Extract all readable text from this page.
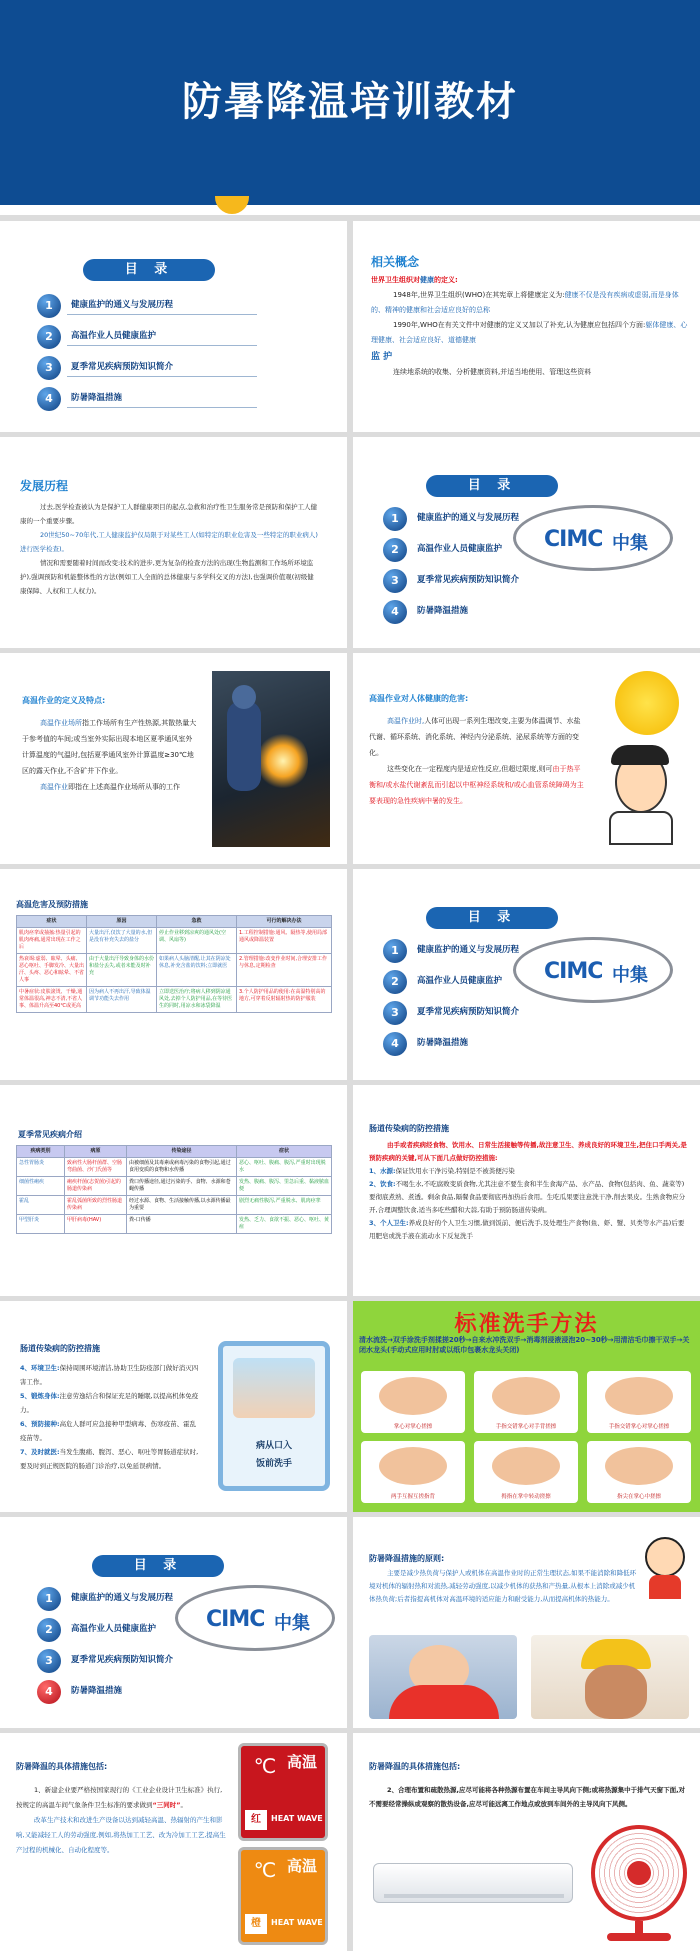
防暑降温培训教材
目 录
1	健康监护的通义与发展历程
2	高温作业人员健康监护
3	夏季常见疾病预防知识简介
4	防暑降温措施
相关概念
世界卫生组织对健康的定义:
1948年,世界卫生组织(WHO)在其宪章上将健康定义为:健康不仅是没有疾病或虚弱,而是身体的、精神的健康和社会适应良好的总称
1990年,WHO在有关文件中对健康的定义又加以了补充,认为健康应包括四个方面:躯体健康、心理健康、社会适应良好、道德健康
监 护
连续地系统的收集、分析健康资料,并适当地使用、管理这些资料
发展历程
过去,医学检查被认为是保护工人群健康项目的起点,急救和治疗性卫生服务常是预防和保护工人健康的一个重要步骤。
20世纪50~70年代,工人健康监护仅局限于对某些工人(如特定的职业危害及一些特定的职业病人)进行医学检查)。
情况和需要随着时间而改变:技术的进步,更为复杂的检查方法的出现(生物监测和工作场所环境监护),强调预防和机能整体性的方法(例如工人全面的总体健康与多学科交叉的方法),也强调价值观(初级健康保障、人权和工人权力)。
目 录
CIMC 中集
1	健康监护的通义与发展历程
2	高温作业人员健康监护
3	夏季常见疾病预防知识简介
4	防暑降温措施
高温作业的定义及特点:
高温作业场所指工作场所有生产性热源,其散热量大于参考值的车间;或当室外实际出现本地区夏季通风室外计算温度的气温时,包括夏季通风室外计算温度≥30℃地区的露天作业,不含矿井下作业。
高温作业即指在上述高温作业场所从事的工作
高温作业对人体健康的危害:
高温作业时,人体可出现一系列生理改变,主要为体温调节、水盐代谢、循环系统、消化系统、神经内分泌系统、泌尿系统等方面的变化。
这些变化在一定程度内是适应性反应,但超过限度,则可由于热平衡和/或水盐代谢紊乱而引起以中枢神经系统和/或心血管系统障碍为主要表现的急性疾病中暑的发生。
高温危害及预防措施
症状	原因	急救	可行的解决办法
肌肉痉挛或抽搐:热量引起的肌肉疼痛,通常出现在工作之后	大量出汗,仅饮了大量的水,但是没有补充失去的盐分	停止作业移到凉爽的通风处(空调、风扇等)	1.工程控制措施:通风、隔热等,使用局部通风或降温装置
热衰竭:虚弱、眩晕、头痛、恶心呕吐、手脚发冷、大量出汗、头疼、恶心和眩晕、不省人事	由于大量出汗导致身体的水份和盐分丢失,或者未能及时补充	如果病人头脑清醒,让其在阴凉处休息,补充含盐的饮料;立即就医	2.管理措施:改变作业时间,合理安排工作与休息,定期检查
中暑症状:皮肤滚烫、干燥,通常体温很高,神志不清,不省人事、体温升高至40℃或更高	因为病人不再出汗,导致体温调节功能失去作用	立即送医治疗;将病人移到阴凉通风处,去掉个人防护用品,在等待医生的同时,用凉水和冰袋降温	3.个人防护用品的使用:在高温特别高的地方,可穿着反射辐射热的防护服装
目 录
CIMC 中集
1	健康监护的通义与发展历程
2	高温作业人员健康监护
3	夏季常见疾病预防知识简介
4	防暑降温措施
夏季常见疾病介绍
疾病类别	病原	传染途径	症状
急性胃肠炎	致病性大肠杆菌群、空肠弯曲菌、沙门氏菌等	由被细菌及其毒素或病毒污染的食物引起,通过食用变质的食物和水传播	恶心、呕吐、腹痛、腹泻,严重时出现脱水
细菌性痢疾	痢疾杆菌(志贺菌)引起的肠道传染病	粪口传播途径,通过污染的手、食物、水源和苍蝇传播	发热、腹痛、腹泻、里急后重、黏液脓血便
霍乱	霍乱弧菌所致的烈性肠道传染病	经过水源、食物、生活接触传播,以水源传播最为重要	剧烈无痛性腹泻,严重脱水、肌肉痉挛
甲型肝炎	甲肝病毒(HAV)	粪-口传播	发热、乏力、食欲不振、恶心、呕吐、黄疸
肠道传染病的防控措施
由手或者疾病经食物、饮用水、日常生活接触等传播,故注意卫生、养成良好的环境卫生,把住口手两关,是预防疾病的关键,可从下面几点做好防控措施:
1、水源:保证饮用水干净污染,特别是不被粪便污染
2、饮食:不喝生水,不吃腐败变质食物,尤其注意不要生食和半生食海产品、水产品、食物(包括肉、鱼、蔬菜等)要彻底煮熟、煮透。剩余食品,隔餐食品要彻底再加热后食用。生吃瓜果要注意洗干净,削去果皮。生熟食物应分开,合理调整饮食,适当多吃些醋和大蒜,有助于预防肠道传染病。
3、个人卫生:养成良好的个人卫生习惯,做到饭前、便后洗手,及处理生产食物(鱼、虾、蟹、贝类等水产品)后要用肥皂或洗手液在流动水下反复洗手
肠道传染病的防控措施
4、环境卫生:保持周围环境清洁,协助卫生防疫部门做好消灭四害工作。
5、锻炼身体:注意劳逸结合和保证充足的睡眠,以提高机体免疫力。
6、预防接种:高危人群可应急接种甲型病毒、伤寒疫苗、霍乱疫苗等。
7、及时就医:当发生腹痛、腹泻、恶心、呕吐等胃肠道症状时,要及时到正规医院的肠道门诊治疗,以免延误病情。
病从口入
饭前洗手
标准洗手方法
清水流洗→双手涂洗手剂揉搓20秒→自来水冲洗双手→消毒剂浸液浸泡20~30秒→用清洁毛巾擦干双手→关闭水龙头(手动式应用时肘或以纸巾包裹水龙头关闭)
掌心对掌心搓擦	手指交错掌心对手背搓擦	手指交错掌心对掌心搓擦
两手互握互搓指背	拇指在掌中转动搓擦	指尖在掌心中搓擦
目 录
CIMC 中集
1	健康监护的通义与发展历程
2	高温作业人员健康监护
3	夏季常见疾病预防知识简介
4	防暑降温措施
防暑降温措施的原则:
主要是减少热负荷与保护人或机体在高温作业时的正常生理状态,如果不能消除和降低环境对机体的辐射热和对流热,减轻劳动强度,以减少机体的获热和产热量,从根本上消除或减少机体热负荷;后者指提高机体对高温环境的适应能力和耐受能力,从而提高机体的热能力。
防暑降温的具体措施包括:
1、新建企业要严格按国家现行的《工业企业设计卫生标准》执行,按规定的高温车间气象条件卫生标准的要求做到“三同时”。
改革生产技术和改进生产设备以达到减轻高温、热辐射的产生和影响,又能减轻工人的劳动强度,例如,将热加工工艺、改为冷加工工艺,提高生产过程的机械化、自动化程度等。
℃ 高温
红	HEAT WAVE
℃ 高温
橙	HEAT WAVE
防暑降温的具体措施包括:
2、合理布置和疏散热源,应尽可能将各种热源布置在车间主导风向下侧;或将热源集中于排气天窗下面,对不需要经常操纵或观察的散热设备,应尽可能远离工作地点或放到车间外的主导风向下风侧。
